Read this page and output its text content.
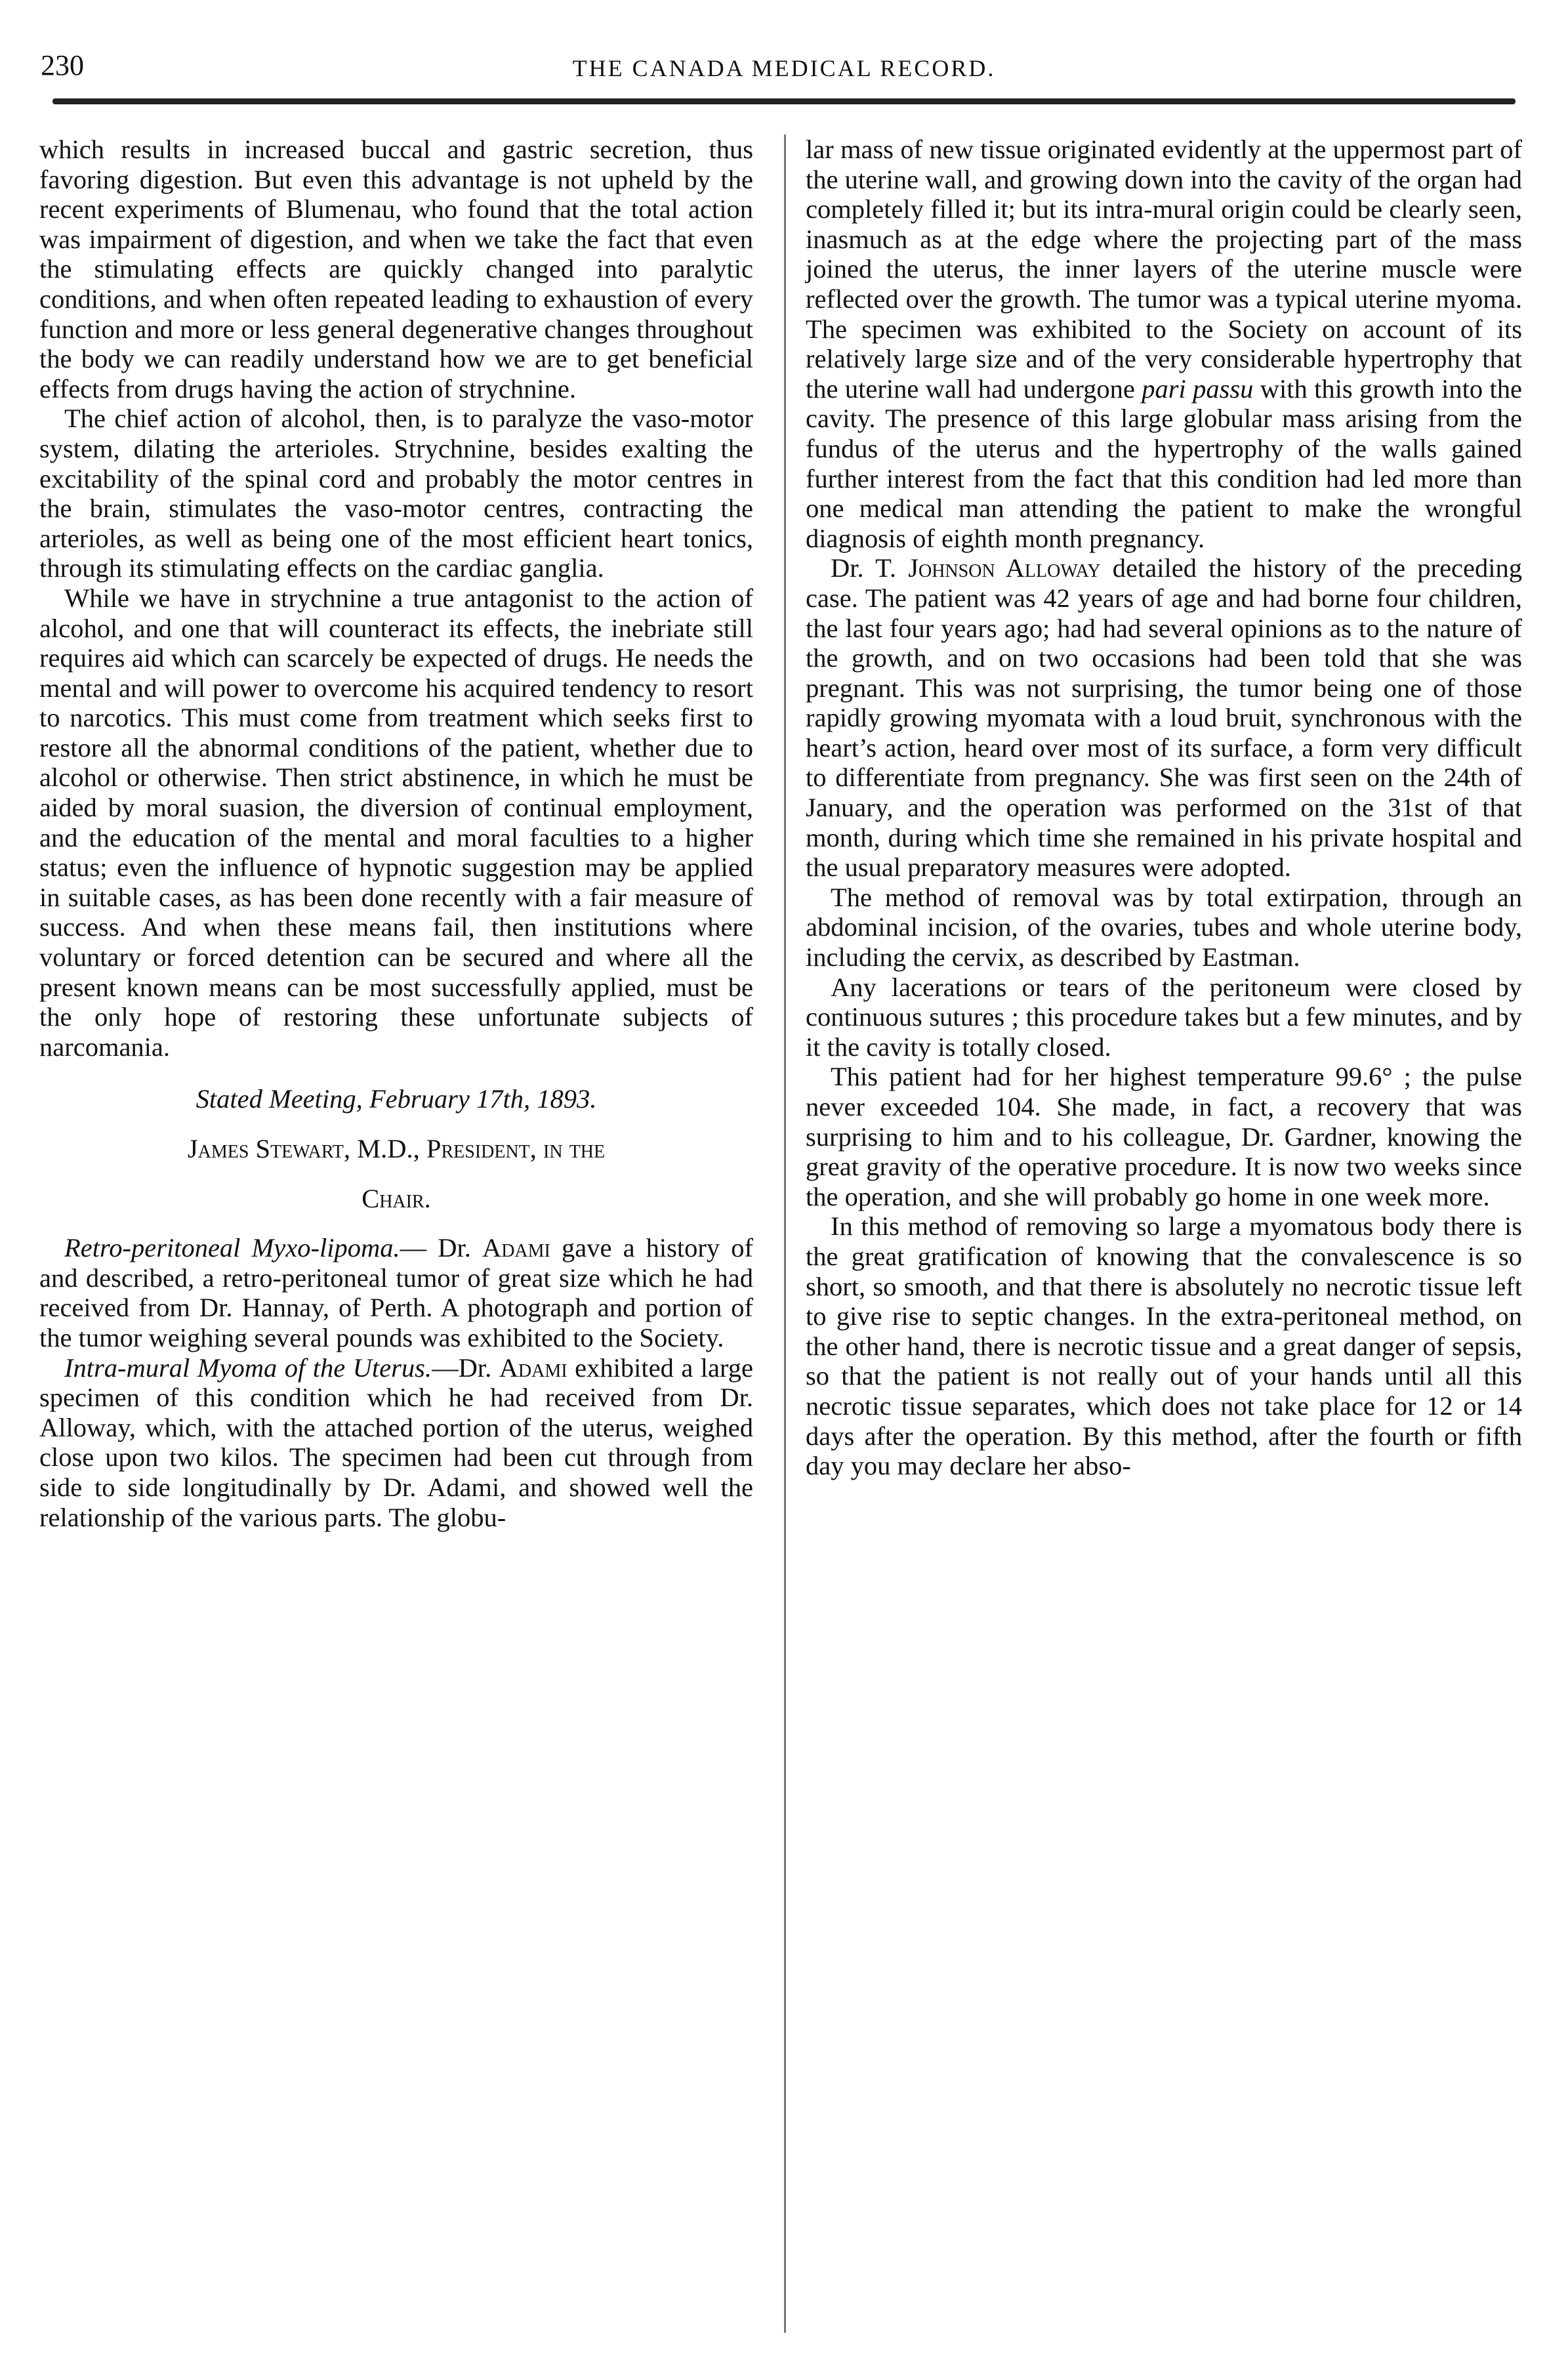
230	THE CANADA MEDICAL RECORD.

which results in increased buccal and gastric secretion, thus favoring digestion. But even this advantage is not upheld by the recent experiments of Blumenau, who found that the total action was impairment of digestion, and when we take the fact that even the stimulating effects are quickly changed into paralytic conditions, and when often repeated leading to exhaustion of every function and more or less general degenerative changes throughout the body we can readily understand how we are to get beneficial effects from drugs having the action of strychnine.

The chief action of alcohol, then, is to paralyze the vaso-motor system, dilating the arterioles. Strychnine, besides exalting the excitability of the spinal cord and probably the motor centres in the brain, stimulates the vaso-motor centres, contracting the arterioles, as well as being one of the most efficient heart tonics, through its stimulating effects on the cardiac ganglia.

While we have in strychnine a true antagonist to the action of alcohol, and one that will counteract its effects, the inebriate still requires aid which can scarcely be expected of drugs. He needs the mental and will power to overcome his acquired tendency to resort to narcotics. This must come from treatment which seeks first to restore all the abnormal conditions of the patient, whether due to alcohol or otherwise. Then strict abstinence, in which he must be aided by moral suasion, the diversion of continual employment, and the education of the mental and moral faculties to a higher status; even the influence of hypnotic suggestion may be applied in suitable cases, as has been done recently with a fair measure of success. And when these means fail, then institutions where voluntary or forced detention can be secured and where all the present known means can be most successfully applied, must be the only hope of restoring these unfortunate subjects of narcomania.

Stated Meeting, February 17th, 1893.

James Stewart, M.D., President, in the

Chair.

Retro-peritoneal Myxo-lipoma.— Dr. Adami gave a history of and described, a retro-peritoneal tumor of great size which he had received from Dr. Hannay, of Perth. A photograph and portion of the tumor weighing several pounds was exhibited to the Society.

Intra-mural Myoma of the Uterus.—Dr. Adami exhibited a large specimen of this condition which he had received from Dr. Alloway, which, with the attached portion of the uterus, weighed close upon two kilos. The specimen had been cut through from side to side longitudinally by Dr. Adami, and showed well the relationship of the various parts. The globu-

lar mass of new tissue originated evidently at the uppermost part of the uterine wall, and growing down into the cavity of the organ had completely filled it; but its intra-mural origin could be clearly seen, inasmuch as at the edge where the projecting part of the mass joined the uterus, the inner layers of the uterine muscle were reflected over the growth. The tumor was a typical uterine myoma. The specimen was exhibited to the Society on account of its relatively large size and of the very considerable hypertrophy that the uterine wall had undergone pari passu with this growth into the cavity. The presence of this large globular mass arising from the fundus of the uterus and the hypertrophy of the walls gained further interest from the fact that this condition had led more than one medical man attending the patient to make the wrongful diagnosis of eighth month pregnancy.

Dr. T. Johnson Alloway detailed the history of the preceding case. The patient was 42 years of age and had borne four children, the last four years ago; had had several opinions as to the nature of the growth, and on two occasions had been told that she was pregnant. This was not surprising, the tumor being one of those rapidly growing myomata with a loud bruit, synchronous with the heart’s action, heard over most of its surface, a form very difficult to differentiate from pregnancy. She was first seen on the 24th of January, and the operation was performed on the 31st of that month, during which time she remained in his private hospital and the usual preparatory measures were adopted.

The method of removal was by total extirpation, through an abdominal incision, of the ovaries, tubes and whole uterine body, including the cervix, as described by Eastman.

Any lacerations or tears of the peritoneum were closed by continuous sutures ; this procedure takes but a few minutes, and by it the cavity is totally closed.

This patient had for her highest temperature 99.6° ; the pulse never exceeded 104. She made, in fact, a recovery that was surprising to him and to his colleague, Dr. Gardner, knowing the great gravity of the operative procedure. It is now two weeks since the operation, and she will probably go home in one week more.

In this method of removing so large a myomatous body there is the great gratification of knowing that the convalescence is so short, so smooth, and that there is absolutely no necrotic tissue left to give rise to septic changes. In the extra-peritoneal method, on the other hand, there is necrotic tissue and a great danger of sepsis, so that the patient is not really out of your hands until all this necrotic tissue separates, which does not take place for 12 or 14 days after the operation. By this method, after the fourth or fifth day you may declare her abso-
